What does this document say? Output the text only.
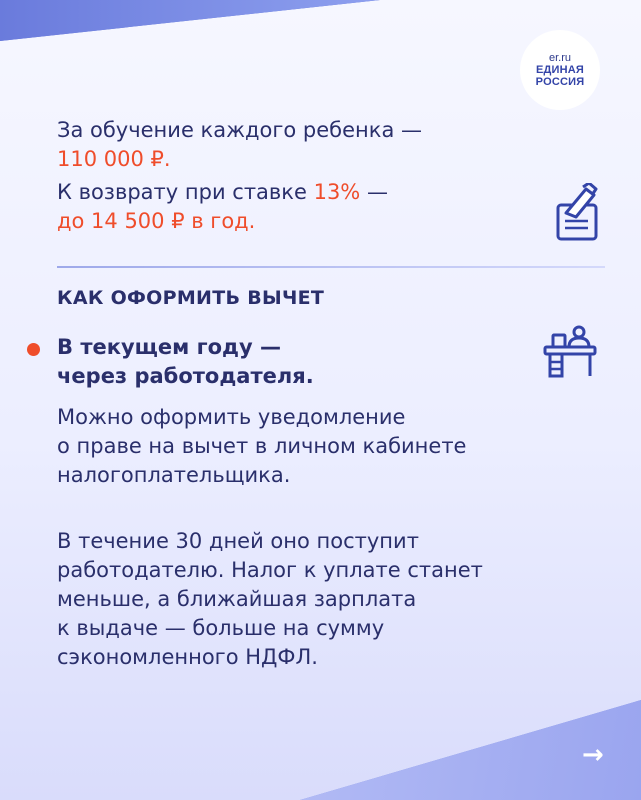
er.ru
ЕДИНАЯ
РОССИЯ
За обучение каждого ребенка —
110 000 ₽.
К возврату при ставке 13% —
до 14 500 ₽ в год.
КАК ОФОРМИТЬ ВЫЧЕТ
В текущем году —
через работодателя.
Можно оформить уведомление
о праве на вычет в личном кабинете
налогоплательщика.
В течение 30 дней оно поступит
работодателю. Налог к уплате станет
меньше, а ближайшая зарплата
к выдаче — больше на сумму
сэкономленного НДФЛ.
→
